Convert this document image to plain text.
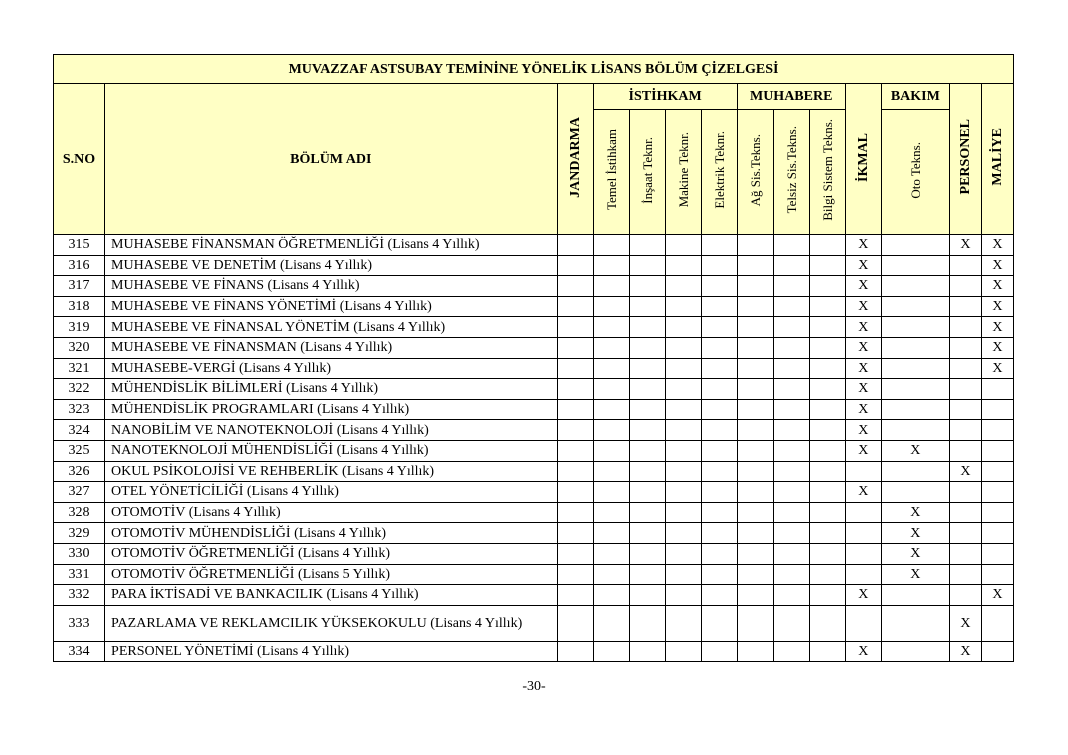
MUVAZZAF ASTSUBAY TEMİNİNE YÖNELİK LİSANS BÖLÜM ÇİZELGESİ													
S.NO	BÖLÜM ADI	JANDARMA	İSTİHKAM				MUHABERE			İKMAL	BAKIM	PERSONEL	MALİYE
			Temel İstihkam	İnşaat Teknr.	Makine Teknr.	Elektrik Teknr.	Ağ Sis.Tekns.	Telsiz Sis.Tekns.	Bilgi Sistem Tekns.		Oto Tekns.		
315	MUHASEBE FİNANSMAN ÖĞRETMENLİĞİ (Lisans 4 Yıllık)									X		X	X
316	MUHASEBE VE DENETİM (Lisans 4 Yıllık)									X			X
317	MUHASEBE VE FİNANS (Lisans 4 Yıllık)									X			X
318	MUHASEBE VE FİNANS YÖNETİMİ (Lisans 4 Yıllık)									X			X
319	MUHASEBE VE FİNANSAL YÖNETİM (Lisans 4 Yıllık)									X			X
320	MUHASEBE VE FİNANSMAN (Lisans 4 Yıllık)									X			X
321	MUHASEBE-VERGİ (Lisans 4 Yıllık)									X			X
322	MÜHENDİSLİK BİLİMLERİ (Lisans 4 Yıllık)									X			
323	MÜHENDİSLİK PROGRAMLARI (Lisans 4 Yıllık)									X			
324	NANOBİLİM VE NANOTEKNOLOJİ (Lisans 4 Yıllık)									X			
325	NANOTEKNOLOJİ MÜHENDİSLİĞİ (Lisans 4 Yıllık)									X	X		
326	OKUL PSİKOLOJİSİ VE REHBERLİK (Lisans 4 Yıllık)											X	
327	OTEL YÖNETİCİLİĞİ (Lisans 4 Yıllık)									X			
328	OTOMOTİV (Lisans 4 Yıllık)										X		
329	OTOMOTİV MÜHENDİSLİĞİ (Lisans 4 Yıllık)										X		
330	OTOMOTİV ÖĞRETMENLİĞİ (Lisans 4 Yıllık)										X		
331	OTOMOTİV ÖĞRETMENLİĞİ (Lisans 5 Yıllık)										X		
332	PARA İKTİSADİ VE BANKACILIK (Lisans 4 Yıllık)									X			X
333	PAZARLAMA VE REKLAMCILIK YÜKSEKOKULU (Lisans 4 Yıllık)											X	
334	PERSONEL YÖNETİMİ (Lisans 4 Yıllık)									X		X	
-30-
